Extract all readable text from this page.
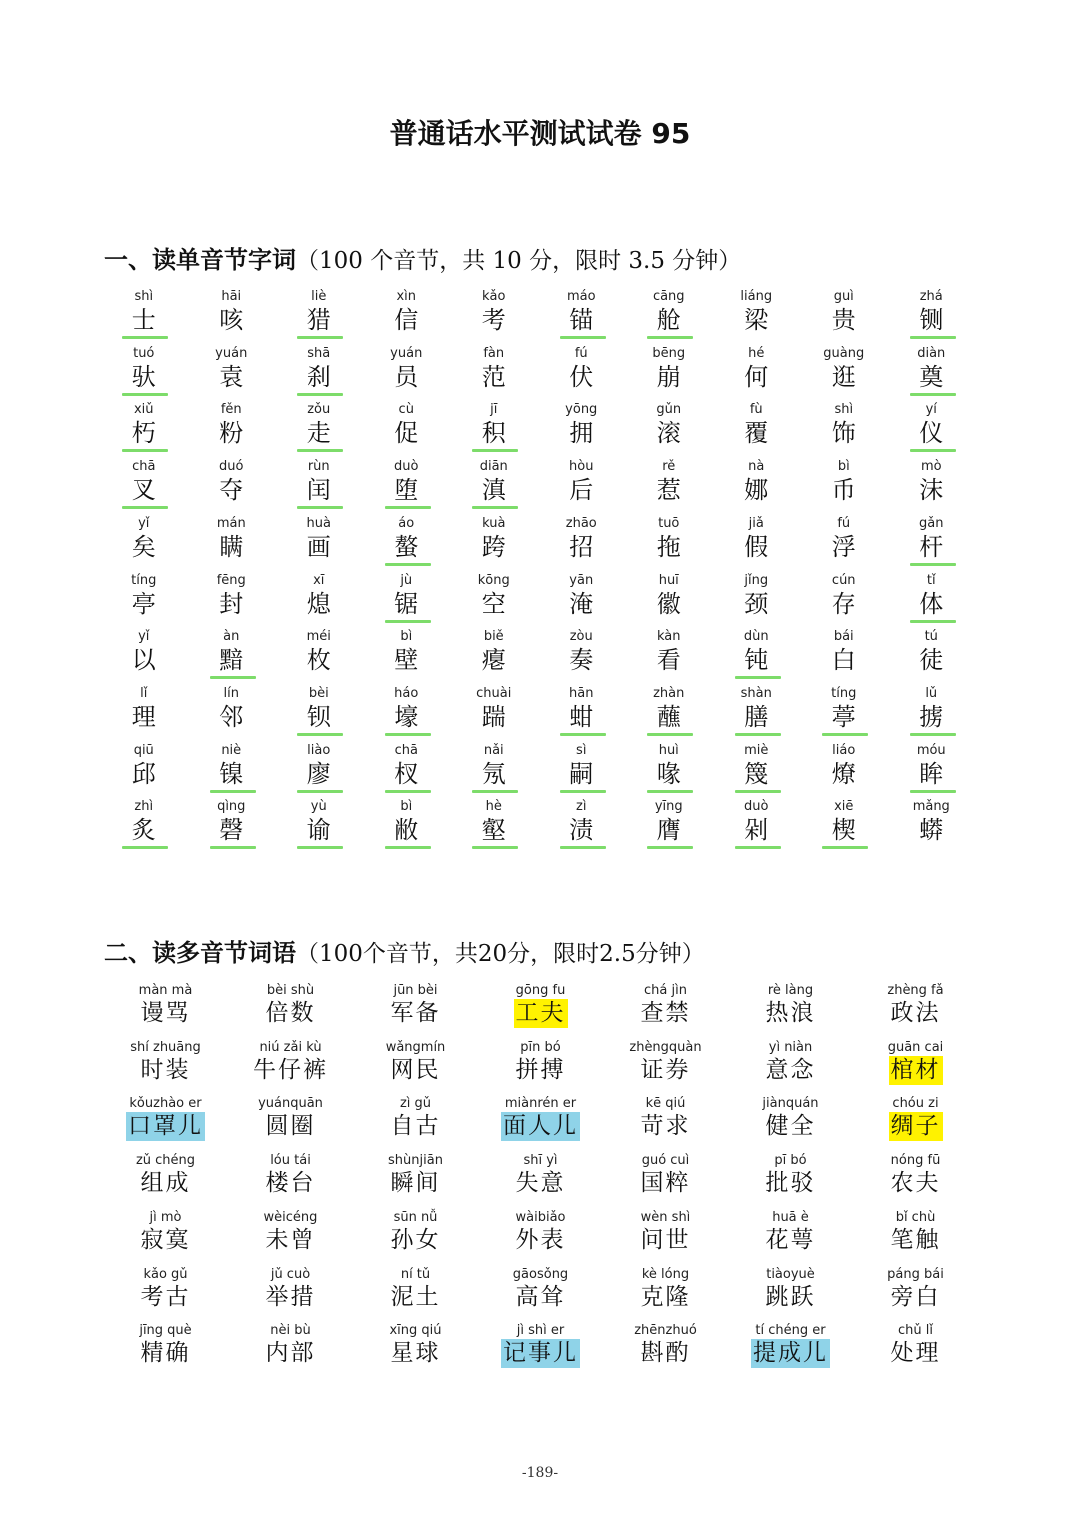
普通话水平测试试卷 95
一、读单音节字词（100 个音节，共 10 分，限时 3.5 分钟）
shì
士
hāi
咳
liè
猎
xìn
信
kǎo
考
máo
锚
cāng
舱
liáng
梁
guì
贵
zhá
铡
tuó
驮
yuán
袁
shā
刹
yuán
员
fàn
范
fú
伏
bēng
崩
hé
何
guàng
逛
diàn
奠
xiǔ
朽
fěn
粉
zǒu
走
cù
促
jī
积
yōng
拥
gǔn
滚
fù
覆
shì
饰
yí
仪
chā
叉
duó
夺
rùn
闰
duò
堕
diān
滇
hòu
后
rě
惹
nà
娜
bì
币
mò
沫
yǐ
矣
mán
瞒
huà
画
áo
螯
kuà
跨
zhāo
招
tuō
拖
jiǎ
假
fú
浮
gǎn
杆
tíng
亭
fēng
封
xī
熄
jù
锯
kōng
空
yān
淹
huī
徽
jǐng
颈
cún
存
tǐ
体
yǐ
以
àn
黯
méi
枚
bì
壁
biě
瘪
zòu
奏
kàn
看
dùn
钝
bái
白
tú
徒
lǐ
理
lín
邻
bèi
钡
háo
壕
chuài
踹
hān
蚶
zhàn
蘸
shàn
膳
tíng
葶
lǔ
掳
qiū
邱
niè
镍
liào
廖
chā
杈
nǎi
氖
sì
嗣
huì
喙
miè
篾
liáo
燎
móu
眸
zhì
炙
qìng
磬
yù
谕
bì
敝
hè
壑
zì
渍
yīng
膺
duò
剁
xiē
楔
mǎng
蟒
二、读多音节词语（100个音节，共20分，限时2.5分钟）
màn mà
谩骂
bèi shù
倍数
jūn bèi
军备
gōng fu
工夫
chá jìn
查禁
rè làng
热浪
zhèng fǎ
政法
shí zhuāng
时装
niú zǎi kù
牛仔裤
wǎngmín
网民
pīn bó
拼搏
zhèngquàn
证券
yì niàn
意念
guān cai
棺材
kǒuzhào er
口罩儿
yuánquān
圆圈
zì gǔ
自古
miànrén er
面人儿
kē qiú
苛求
jiànquán
健全
chóu zi
绸子
zǔ chéng
组成
lóu tái
楼台
shùnjiān
瞬间
shī yì
失意
guó cuì
国粹
pī bó
批驳
nóng fū
农夫
jì mò
寂寞
wèicéng
未曾
sūn nǚ
孙女
wàibiǎo
外表
wèn shì
问世
huā è
花萼
bǐ chù
笔触
kǎo gǔ
考古
jǔ cuò
举措
ní tǔ
泥土
gāosǒng
高耸
kè lóng
克隆
tiàoyuè
跳跃
páng bái
旁白
jīng què
精确
nèi bù
内部
xīng qiú
星球
jì shì er
记事儿
zhēnzhuó
斟酌
tí chéng er
提成儿
chǔ lǐ
处理
-189-
